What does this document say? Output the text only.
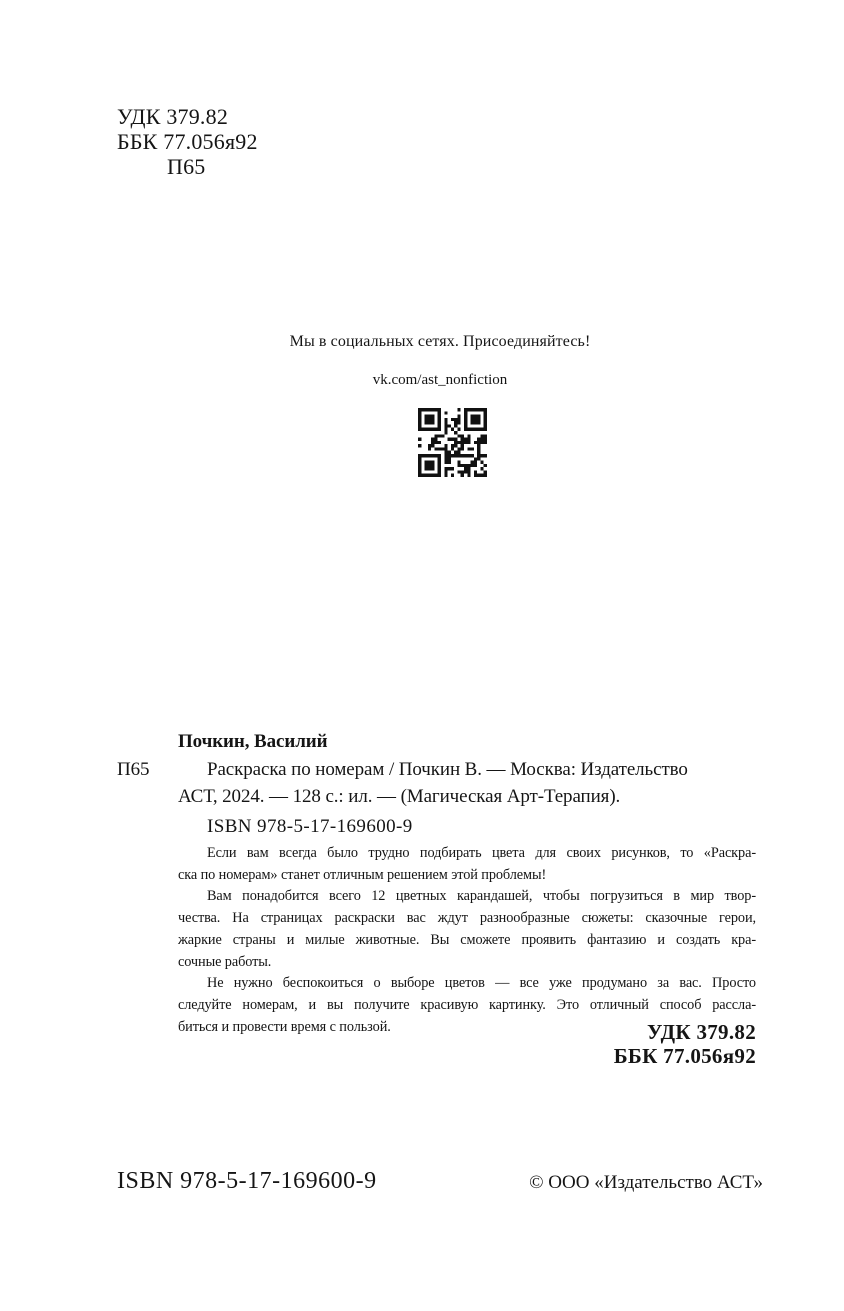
УДК 379.82
ББК 77.056я92
П65
Мы в социальных сетях. Присоединяйтесь!
vk.com/ast_nonfiction
П65
Почкин, Василий
Раскраска по номерам / Почкин В. — Москва: Издательство
АСТ, 2024. — 128 с.: ил. — (Магическая Арт-Терапия).
ISBN 978-5-17-169600-9
Если вам всегда было трудно подбирать цвета для своих рисунков, то «Раскра-
ска по номерам» станет отличным решением этой проблемы!
Вам понадобится всего 12 цветных карандашей, чтобы погрузиться в мир твор-
чества. На страницах раскраски вас ждут разнообразные сюжеты: сказочные герои,
жаркие страны и милые животные. Вы сможете проявить фантазию и создать кра-
сочные работы.
Не нужно беспокоиться о выборе цветов — все уже продумано за вас. Просто
следуйте номерам, и вы получите красивую картинку. Это отличный способ рассла-
биться и провести время с пользой.	УДК 379.82
ББК 77.056я92
ISBN 978-5-17-169600-9	© ООО «Издательство АСТ»
